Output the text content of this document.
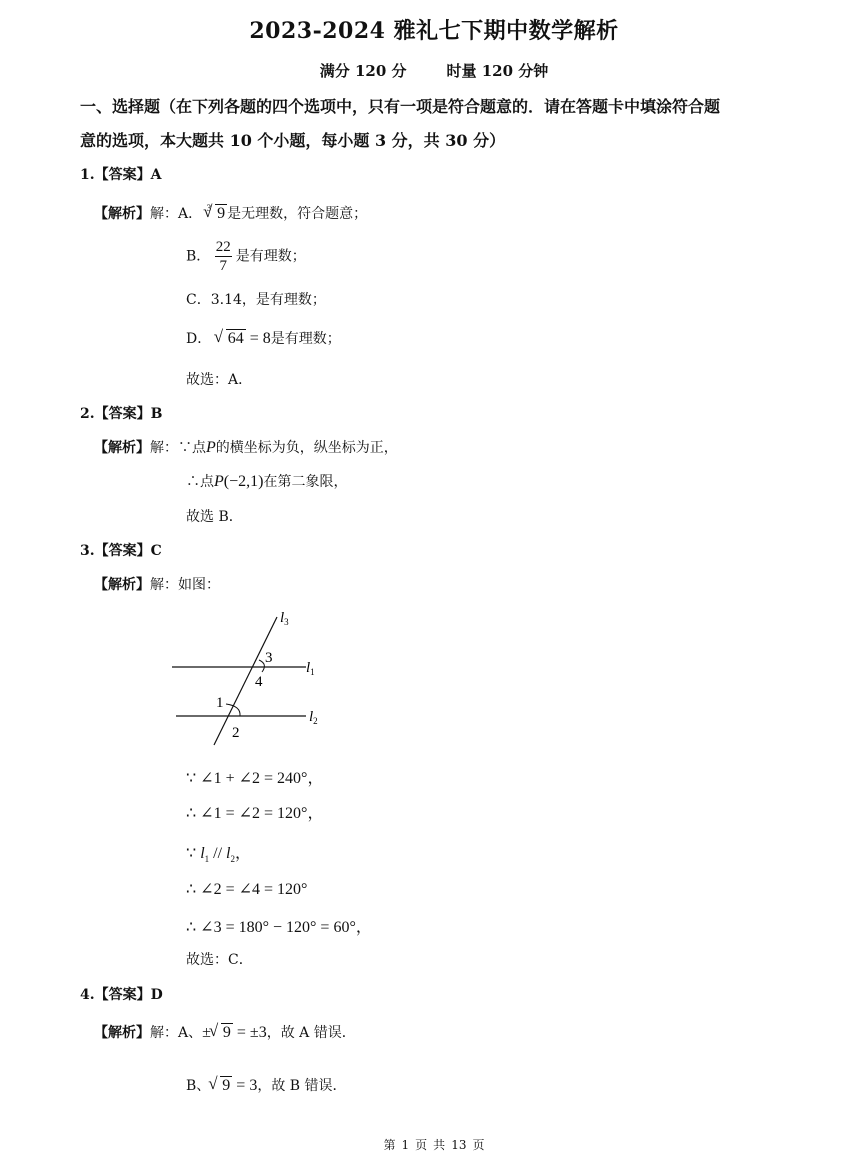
2023-2024 雅礼七下期中数学解析
满分 120 分	时量 120 分钟
一、选择题（在下列各题的四个选项中，只有一项是符合题意的．请在答题卡中填涂符合题
意的选项，本大题共 10 个小题，每小题 3 分，共 30 分）
1.【答案】A
【解析】解：A． $^3$ √ 9 是无理数，符合题意；
B． $\frac{22}{7}$ 是有理数；
C．3.14，是有理数；
D． √ 64 = 8是有理数；
故选：A．
2.【答案】B
【解析】解：∵点P的横坐标为负，纵坐标为正，
∴点P(−2,1)在第二象限，
故选 B．
3.【答案】C
【解析】解：如图：
$l_3$
$l_1$
$l_2$
3
4
1
2
∵ ∠1 + ∠2 = 240°，
∴ ∠1 = ∠2 = 120°，
∵ $l_1 // l_2$，
∴ ∠2 = ∠4 = 120°
∴ ∠3 = 180° − 120° = 60°，
故选：C．
4.【答案】D
【解析】解：A、± √ 9 = ±3，故 A 错误．
B、 √ 9 = 3，故 B 错误．
第 1 页 共 13 页
